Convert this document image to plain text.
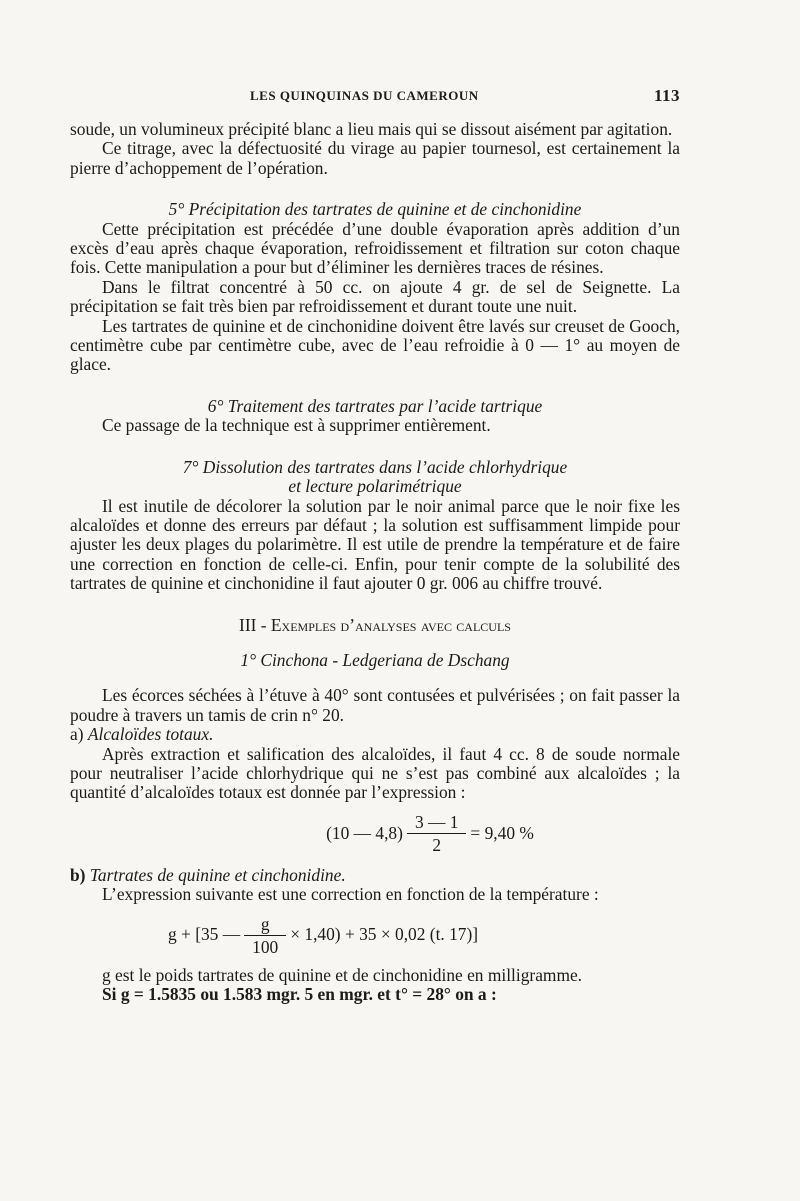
LES QUINQUINAS DU CAMEROUN	113

soude, un volumineux précipité blanc a lieu mais qui se dissout aisément par agitation.

Ce titrage, avec la défectuosité du virage au papier tournesol, est certainement la pierre d’achoppement de l’opération.

5° Précipitation des tartrates de quinine et de cinchonidine

Cette précipitation est précédée d’une double évaporation après addition d’un excès d’eau après chaque évaporation, refroidissement et filtration sur coton chaque fois. Cette manipulation a pour but d’éliminer les dernières traces de résines.

Dans le filtrat concentré à 50 cc. on ajoute 4 gr. de sel de Seignette. La précipitation se fait très bien par refroidissement et durant toute une nuit.

Les tartrates de quinine et de cinchonidine doivent être lavés sur creuset de Gooch, centimètre cube par centimètre cube, avec de l’eau refroidie à 0 — 1° au moyen de glace.

6° Traitement des tartrates par l’acide tartrique

Ce passage de la technique est à supprimer entièrement.

7° Dissolution des tartrates dans l’acide chlorhydrique

et lecture polarimétrique

Il est inutile de décolorer la solution par le noir animal parce que le noir fixe les alcaloïdes et donne des erreurs par défaut ; la solution est suffisamment limpide pour ajuster les deux plages du polarimètre. Il est utile de prendre la température et de faire une correction en fonction de celle-ci. Enfin, pour tenir compte de la solubilité des tartrates de quinine et cinchonidine il faut ajouter 0 gr. 006 au chiffre trouvé.

III - Exemples d’analyses avec calculs

1° Cinchona - Ledgeriana de Dschang

Les écorces séchées à l’étuve à 40° sont contusées et pulvérisées ; on fait passer la poudre à travers un tamis de crin n° 20.

a) Alcaloïdes totaux.

Après extraction et salification des alcaloïdes, il faut 4 cc. 8 de soude normale pour neutraliser l’acide chlorhydrique qui ne s’est pas combiné aux alcaloïdes ; la quantité d’alcaloïdes totaux est donnée par l’expression :

(10 — $4,8) \frac{3 — 1}{2} = 9,40$ %

b) Tartrates de quinine et cinchonidine.

L’expression suivante est une correction en fonction de la température :

g + [35 — $\frac{g}{100} \times 1,40) + 35 \times 0,02$ (t. 17)]

g est le poids tartrates de quinine et de cinchonidine en milligramme.

Si g = 1.5835 ou 1.583 mgr. 5 en mgr. et t° = 28° on a :
